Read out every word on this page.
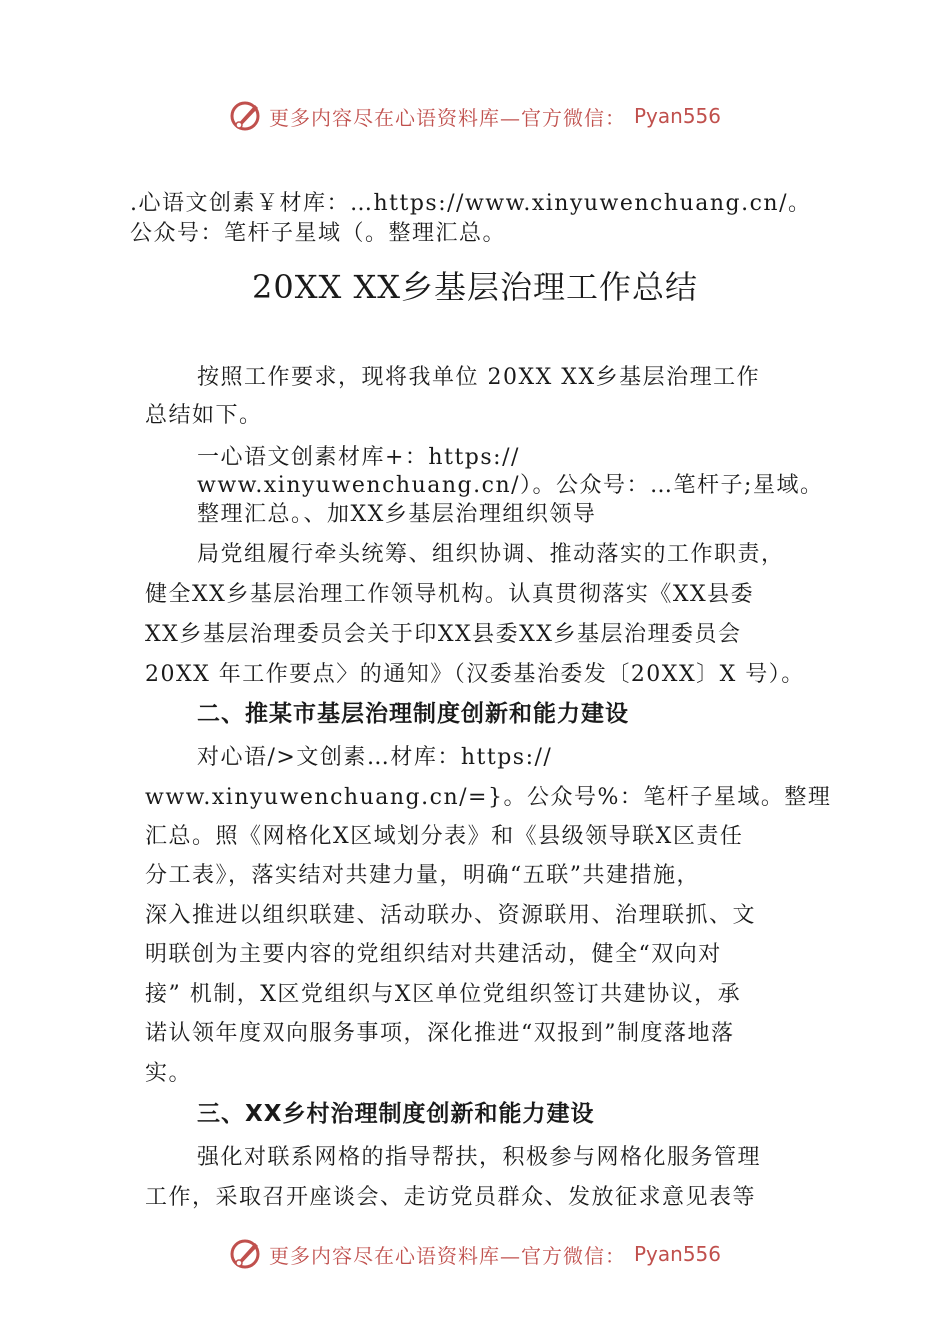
更多内容尽在心语资料库—官方微信： Pyan556
.心语文创素￥材库：…https://www.xinyuwenchuang.cn/。
公众号：笔杆子星域（。整理汇总。
20XX XX乡基层治理工作总结
按照工作要求，现将我单位 20XX XX乡基层治理工作
总结如下。
一心语文创素材库+：https://
www.xinyuwenchuang.cn/）。公众号：…笔杆子;星域。
整理汇总。、加XX乡基层治理组织领导
局党组履行牵头统筹、组织协调、推动落实的工作职责，
健全XX乡基层治理工作领导机构。认真贯彻落实《XX县委
XX乡基层治理委员会关于印XX县委XX乡基层治理委员会
20XX 年工作要点〉的通知》（汉委基治委发〔20XX〕X 号）。
二、推某市基层治理制度创新和能力建设
对心语/>文创素…材库：https://
www.xinyuwenchuang.cn/=}。公众号%：笔杆子星域。整理
汇总。照《网格化X区域划分表》和《县级领导联X区责任
分工表》，落实结对共建力量，明确“五联”共建措施，
深入推进以组织联建、活动联办、资源联用、治理联抓、文
明联创为主要内容的党组织结对共建活动，健全“双向对
接” 机制，X区党组织与X区单位党组织签订共建协议，承
诺认领年度双向服务事项，深化推进“双报到”制度落地落
实。
三、XX乡村治理制度创新和能力建设
强化对联系网格的指导帮扶，积极参与网格化服务管理
工作，采取召开座谈会、走访党员群众、发放征求意见表等
更多内容尽在心语资料库—官方微信： Pyan556
